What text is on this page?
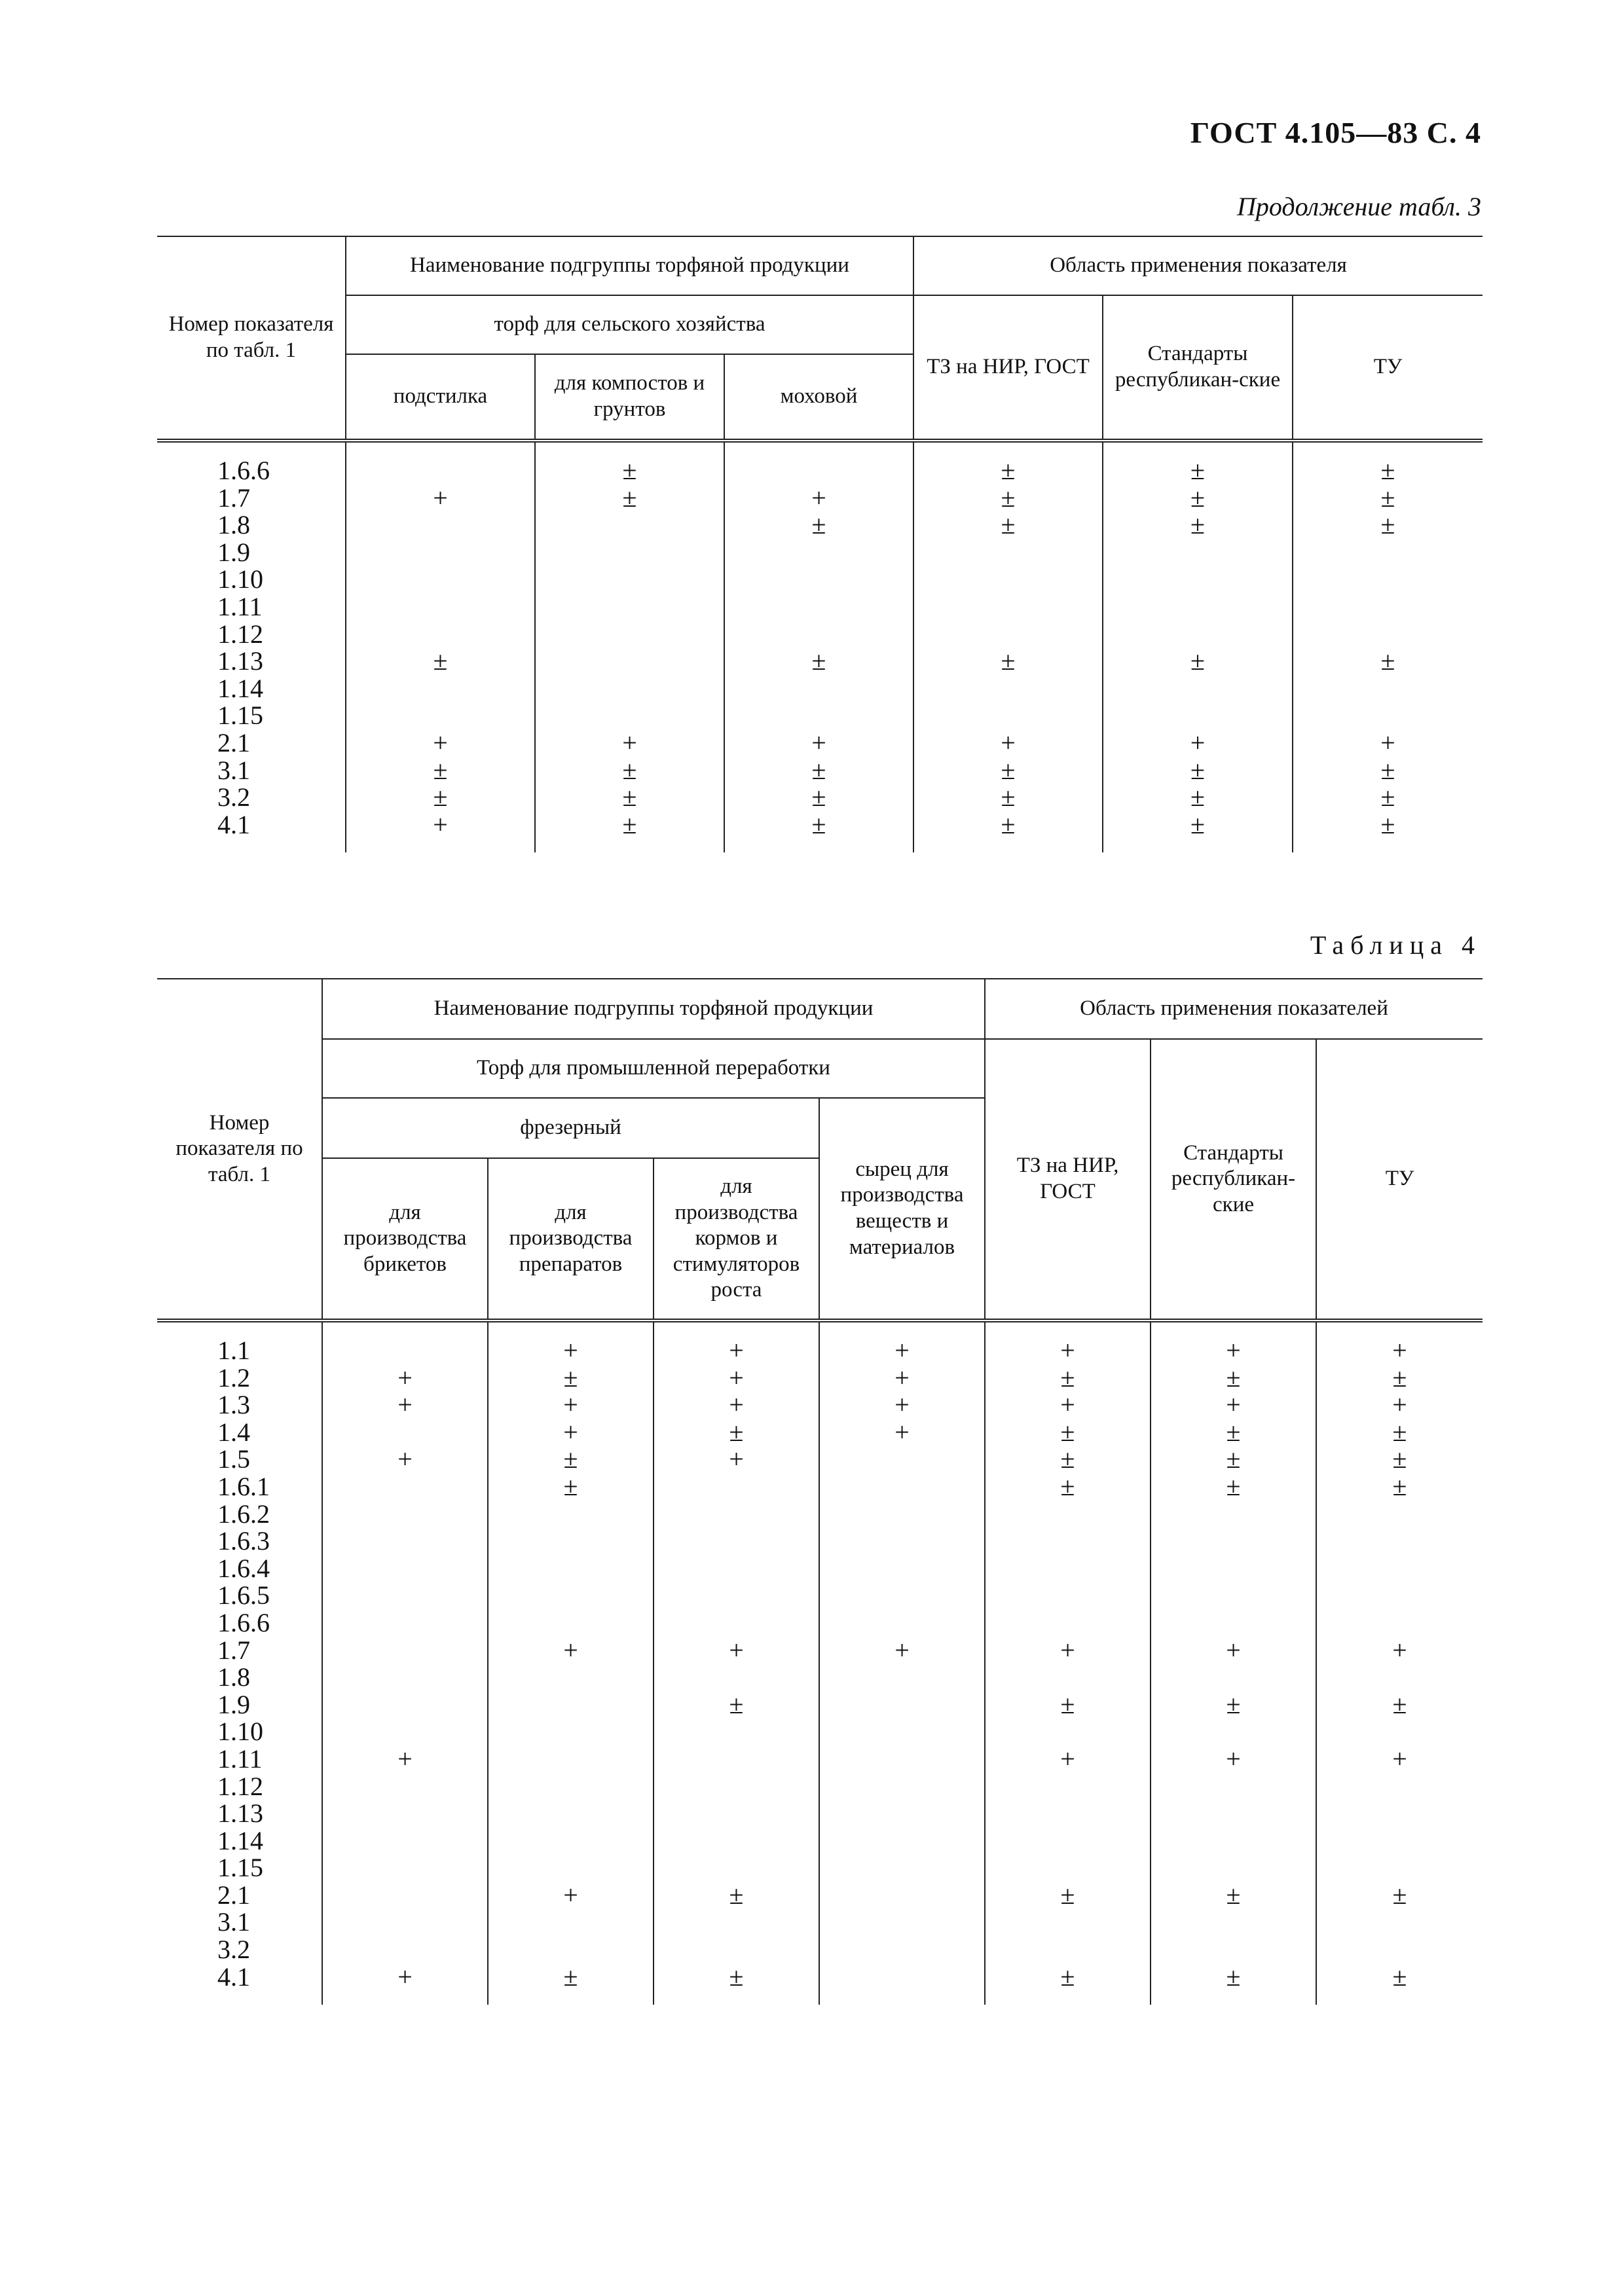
ГОСТ 4.105—83 С. 4
Продолжение табл. 3
Номер показателя по табл. 1	Наименование подгруппы торфяной продукции			Область применения показателя		
	торф для сельского хозяйства			ТЗ на НИР, ГОСТ	Стандарты республикан-ские	ТУ
	подстилка	для компостов и грунтов	моховой			

1.6.6		±		±	±	±
1.7	+	±	+	±	±	±
1.8			±	±	±	±
1.9						
1.10						
1.11						
1.12						
1.13	±		±	±	±	±
1.14						
1.15						
2.1	+	+	+	+	+	+
3.1	±	±	±	±	±	±
3.2	±	±	±	±	±	±
4.1	+	±	±	±	±	±

Таблица 4
Номер показателя по табл. 1	Наименование подгруппы торфяной продукции				Область применения показателей		
	Торф для промышленной переработки				ТЗ на НИР, ГОСТ	Стандарты республикан-ские	ТУ
	фрезерный			сырец для производства веществ и материалов			
	для производства брикетов	для производства препаратов	для производства кормов и стимуляторов роста				

1.1		+	+	+	+	+	+
1.2	+	±	+	+	±	±	±
1.3	+	+	+	+	+	+	+
1.4		+	±	+	±	±	±
1.5	+	±	+		±	±	±
1.6.1		±			±	±	±
1.6.2							
1.6.3							
1.6.4							
1.6.5							
1.6.6							
1.7		+	+	+	+	+	+
1.8							
1.9			±		±	±	±
1.10							
1.11	+				+	+	+
1.12							
1.13							
1.14							
1.15							
2.1		+	±		±	±	±
3.1							
3.2							
4.1	+	±	±		±	±	±
